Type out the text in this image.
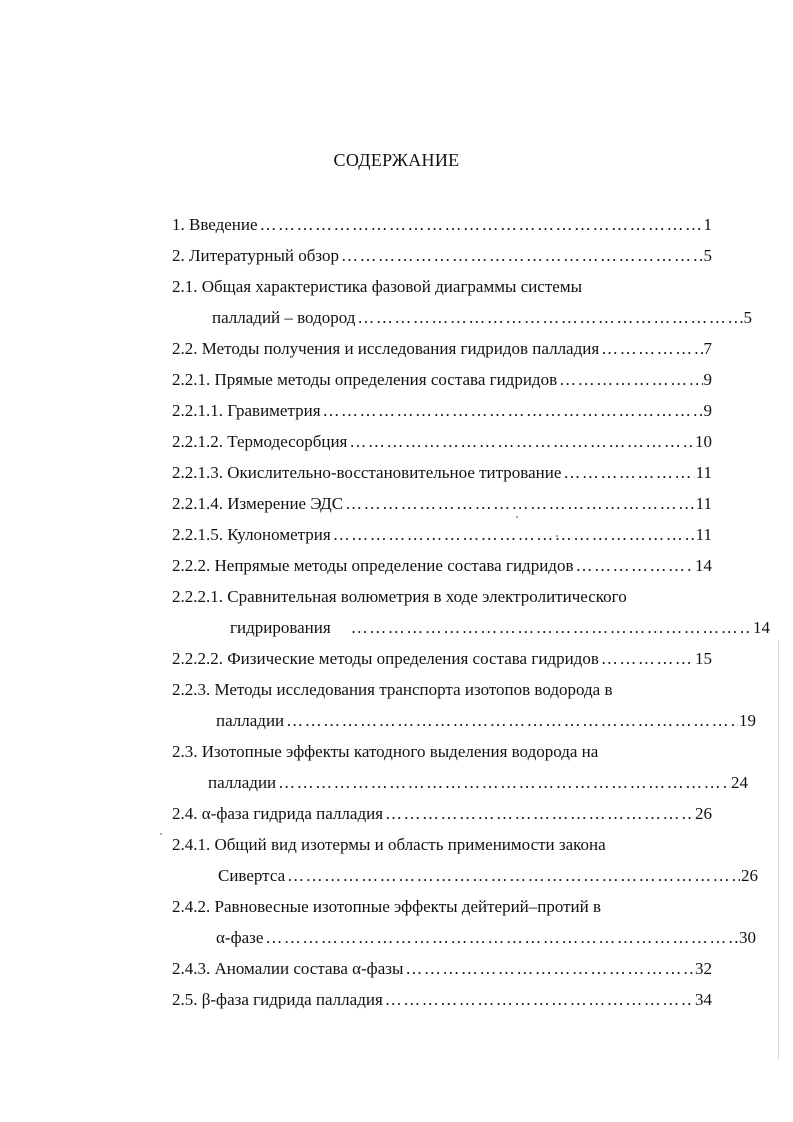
СОДЕРЖАНИЕ
1. Введение ………………………………………………………………………………………………………………………………………………………………	1
2. Литературный обзор ………………………………………………………………………………………………………………………………………………………………	5
2.1. Общая характеристика фазовой диаграммы системы
палладий – водород ………………………………………………………………………………………………………………………………………………………………	5
2.2. Методы получения и исследования гидридов палладия ………………………………………………………………………………………………………………………………………………………………	7
2.2.1. Прямые методы определения состава гидридов ………………………………………………………………………………………………………………………………………………………………	9
2.2.1.1. Гравиметрия ………………………………………………………………………………………………………………………………………………………………	9
2.2.1.2. Термодесорбция ………………………………………………………………………………………………………………………………………………………………	10
2.2.1.3. Окислительно-восстановительное титрование ………………………………………………………………………………………………………………………………………………………………	11
2.2.1.4. Измерение ЭДС ………………………………………………………………………………………………………………………………………………………………	11
2.2.1.5. Кулонометрия ………………………………………………………………………………………………………………………………………………………………	11
2.2.2. Непрямые методы определение состава гидридов ………………………………………………………………………………………………………………………………………………………………	14
2.2.2.1. Сравнительная волюметрия в ходе электролитического
гидрирования ………………………………………………………………………………………………………………………………………………………………	14
2.2.2.2. Физические методы определения состава гидридов ………………………………………………………………………………………………………………………………………………………………	15
2.2.3. Методы исследования транспорта изотопов водорода в
палладии ………………………………………………………………………………………………………………………………………………………………	19
2.3. Изотопные эффекты катодного выделения водорода на
палладии ………………………………………………………………………………………………………………………………………………………………	24
2.4. α-фаза гидрида палладия ………………………………………………………………………………………………………………………………………………………………	26
2.4.1. Общий вид изотермы и область применимости закона
Сивертса ………………………………………………………………………………………………………………………………………………………………	26
2.4.2. Равновесные изотопные эффекты дейтерий–протий в
α-фазе ………………………………………………………………………………………………………………………………………………………………	30
2.4.3. Аномалии состава α-фазы ………………………………………………………………………………………………………………………………………………………………	32
2.5. β-фаза гидрида палладия ………………………………………………………………………………………………………………………………………………………………	34
